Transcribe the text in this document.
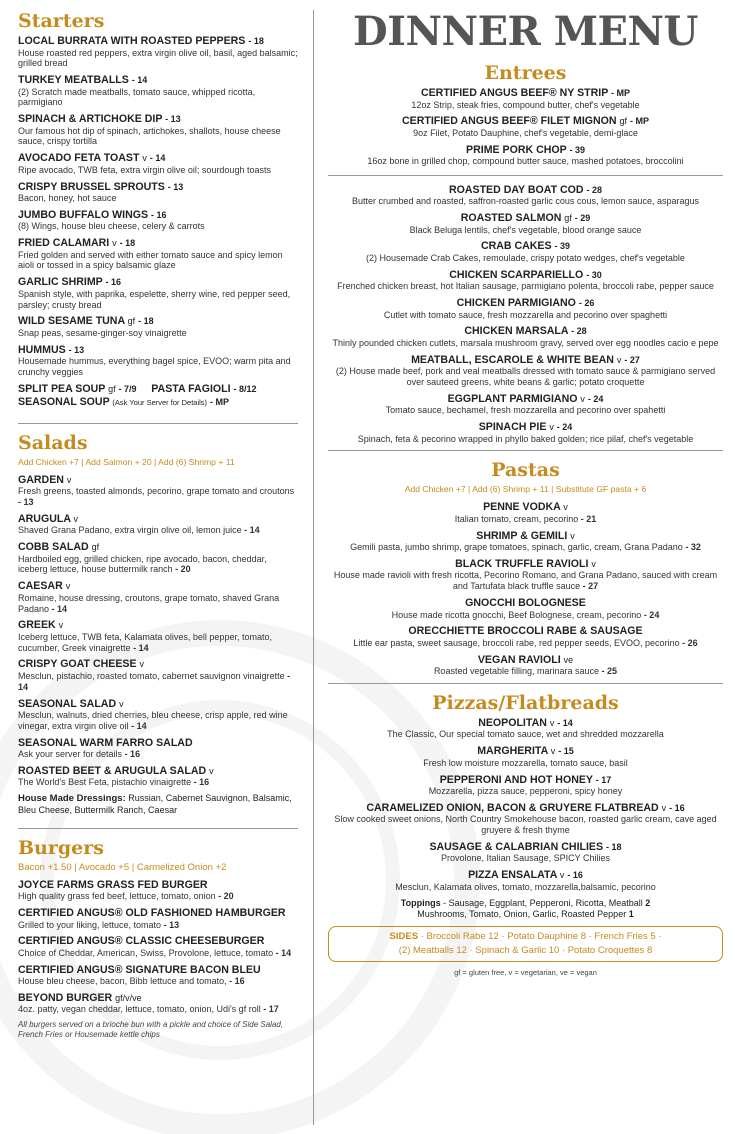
Starters
LOCAL BURRATA WITH ROASTED PEPPERS - 18
House roasted red peppers, extra virgin olive oil, basil, aged balsamic; grilled bread
TURKEY MEATBALLS - 14
(2) Scratch made meatballs, tomato sauce, whipped ricotta, parmigiano
SPINACH & ARTICHOKE DIP - 13
Our famous hot dip of spinach, artichokes, shallots, house cheese sauce, crispy tortilla
AVOCADO FETA TOAST v - 14
Ripe avocado, TWB feta, extra virgin olive oil; sourdough toasts
CRISPY BRUSSEL SPROUTS - 13
Bacon, honey, hot sauce
JUMBO BUFFALO WINGS - 16
(8) Wings, house bleu cheese, celery & carrots
FRIED CALAMARI v - 18
Fried golden and served with either tomato sauce and spicy lemon aioli or tossed in a spicy balsamic glaze
GARLIC SHRIMP - 16
Spanish style, with paprika, espelette, sherry wine, red pepper seed, parsley; crusty bread
WILD SESAME TUNA gf - 18
Snap peas, sesame-ginger-soy vinaigrette
HUMMUS - 13
Housemade hummus, everything bagel spice, EVOO; warm pita and crunchy veggies
SPLIT PEA SOUP gf - 7/9 PASTA FAGIOLI - 8/12
SEASONAL SOUP (Ask Your Server for Details) - MP
Salads
Add Chicken +7 | Add Salmon + 20 | Add (6) Shrimp + 11
GARDEN v
Fresh greens, toasted almonds, pecorino, grape tomato and croutons - 13
ARUGULA v
Shaved Grana Padano, extra virgin olive oil, lemon juice - 14
COBB SALAD gf
Hardboiled egg, grilled chicken, ripe avocado, bacon, cheddar, iceberg lettuce, house buttermilk ranch - 20
CAESAR v
Romaine, house dressing, croutons, grape tomato, shaved Grana Padano - 14
GREEK v
Iceberg lettuce, TWB feta, Kalamata olives, bell pepper, tomato, cucumber, Greek vinaigrette - 14
CRISPY GOAT CHEESE v
Mesclun, pistachio, roasted tomato, cabernet sauvignon vinaigrette - 14
SEASONAL SALAD v
Mesclun, walnuts, dried cherries, bleu cheese, crisp apple, red wine vinegar, extra virgin olive oil - 14
SEASONAL WARM FARRO SALAD
Ask your server for details - 16
ROASTED BEET & ARUGULA SALAD v
The World's Best Feta, pistachio vinaigrette - 16
House Made Dressings: Russian, Cabernet Sauvignon, Balsamic, Bleu Cheese, Buttermilk Ranch, Caesar
Burgers
Bacon +1.50 | Avocado +5 | Carmelized Onion +2
JOYCE FARMS GRASS FED BURGER
High quality grass fed beef, lettuce, tomato, onion - 20
CERTIFIED ANGUS® OLD FASHIONED HAMBURGER
Grilled to your liking, lettuce, tomato - 13
CERTIFIED ANGUS® CLASSIC CHEESEBURGER
Choice of Cheddar, American, Swiss, Provolone, lettuce, tomato - 14
CERTIFIED ANGUS® SIGNATURE BACON BLEU
House bleu cheese, bacon, Bibb lettuce and tomato, - 16
BEYOND BURGER gf/v/ve
4oz. patty, vegan cheddar, lettuce, tomato, onion, Udi's gf roll - 17
All burgers served on a brioche bun with a pickle and choice of Side Salad, French Fries or Housemade kettle chips
DINNER MENU
Entrees
CERTIFIED ANGUS BEEF® NY STRIP - MP
12oz Strip, steak fries, compound butter, chef's vegetable
CERTIFIED ANGUS BEEF® FILET MIGNON gf - MP
9oz Filet, Potato Dauphine, chef's vegetable, demi-glace
PRIME PORK CHOP - 39
16oz bone in grilled chop, compound butter sauce, mashed potatoes, broccolini
ROASTED DAY BOAT COD - 28
Butter crumbed and roasted, saffron-roasted garlic cous cous, lemon sauce, asparagus
ROASTED SALMON gf - 29
Black Beluga lentils, chef's vegetable, blood orange sauce
CRAB CAKES - 39
(2) Housemade Crab Cakes, remoulade, crispy potato wedges, chef's vegetable
CHICKEN SCARPARIELLO - 30
Frenched chicken breast, hot Italian sausage, parmigiano polenta, broccoli rabe, pepper sauce
CHICKEN PARMIGIANO - 26
Cutlet with tomato sauce, fresh mozzarella and pecorino over spaghetti
CHICKEN MARSALA - 28
Thinly pounded chicken cutlets, marsala mushroom gravy, served over egg noodles cacio e pepe
MEATBALL, ESCAROLE & WHITE BEAN v - 27
(2) House made beef, pork and veal meatballs dressed with tomato sauce & parmigiano served over sauteed greens, white beans & garlic; potato croquette
EGGPLANT PARMIGIANO v - 24
Tomato sauce, bechamel, fresh mozzarella and pecorino over spahetti
SPINACH PIE v - 24
Spinach, feta & pecorino wrapped in phyllo baked golden; rice pilaf, chef's vegetable
Pastas
Add Chicken +7 | Add (6) Shrimp + 11 | Substitute GF pasta + 6
PENNE VODKA v
Italian tomato, cream, pecorino - 21
SHRIMP & GEMILI v
Gemili pasta, jumbo shrimp, grape tomatoes, spinach, garlic, cream, Grana Padano - 32
BLACK TRUFFLE RAVIOLI v
House made ravioli with fresh ricotta, Pecorino Romano, and Grana Padano, sauced with cream and Tartufata black truffle sauce - 27
GNOCCHI BOLOGNESE
House made ricotta gnocchi, Beef Bolognese, cream, pecorino - 24
ORECCHIETTE BROCCOLI RABE & SAUSAGE
Little ear pasta, sweet sausage, broccoli rabe, red pepper seeds, EVOO, pecorino - 26
VEGAN RAVIOLI ve
Roasted vegetable filling, marinara sauce - 25
Pizzas/Flatbreads
NEOPOLITAN v - 14
The Classic, Our special tomato sauce, wet and shredded mozzarella
MARGHERITA v - 15
Fresh low moisture mozzarella, tomato sauce, basil
PEPPERONI AND HOT HONEY - 17
Mozzarella, pizza sauce, pepperoni, spicy honey
CARAMELIZED ONION, BACON & GRUYERE FLATBREAD v - 16
Slow cooked sweet onions, North Country Smokehouse bacon, roasted garlic cream, cave aged gruyere & fresh thyme
SAUSAGE & CALABRIAN CHILIES - 18
Provolone, Italian Sausage, SPICY Chilies
PIZZA ENSALATA v - 16
Mesclun, Kalamata olives, tomato, mozzarella,balsamic, pecorino
Toppings - Sausage, Eggplant, Pepperoni, Ricotta, Meatball 2
Mushrooms, Tomato, Onion, Garlic, Roasted Pepper 1
SIDES · Broccoli Rabe 12 · Potato Dauphine 8 · French Fries 5 ·
(2) Meatballs 12 · Spinach & Garlic 10 · Potato Croquettes 8
gf = gluten free, v = vegetarian, ve = vegan
